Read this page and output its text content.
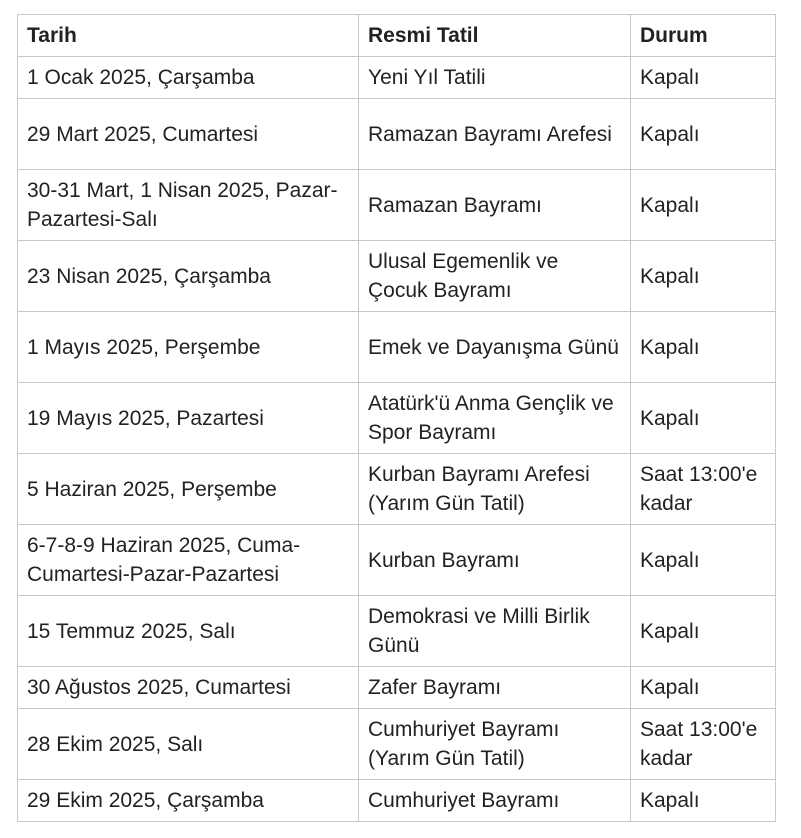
Tarih	Resmi Tatil	Durum
1 Ocak 2025, Çarşamba	Yeni Yıl Tatili	Kapalı
29 Mart 2025, Cumartesi	Ramazan Bayramı Arefesi	Kapalı
30-31 Mart, 1 Nisan 2025, Pazar-Pazartesi-Salı	Ramazan Bayramı	Kapalı
23 Nisan 2025, Çarşamba	Ulusal Egemenlik ve Çocuk Bayramı	Kapalı
1 Mayıs 2025, Perşembe	Emek ve Dayanışma Günü	Kapalı
19 Mayıs 2025, Pazartesi	Atatürk'ü Anma Gençlik ve Spor Bayramı	Kapalı
5 Haziran 2025, Perşembe	Kurban Bayramı Arefesi (Yarım Gün Tatil)	Saat 13:00'e kadar
6-7-8-9 Haziran 2025, Cuma-Cumartesi-Pazar-Pazartesi	Kurban Bayramı	Kapalı
15 Temmuz 2025, Salı	Demokrasi ve Milli Birlik Günü	Kapalı
30 Ağustos 2025, Cumartesi	Zafer Bayramı	Kapalı
28 Ekim 2025, Salı	Cumhuriyet Bayramı (Yarım Gün Tatil)	Saat 13:00'e kadar
29 Ekim 2025, Çarşamba	Cumhuriyet Bayramı	Kapalı
